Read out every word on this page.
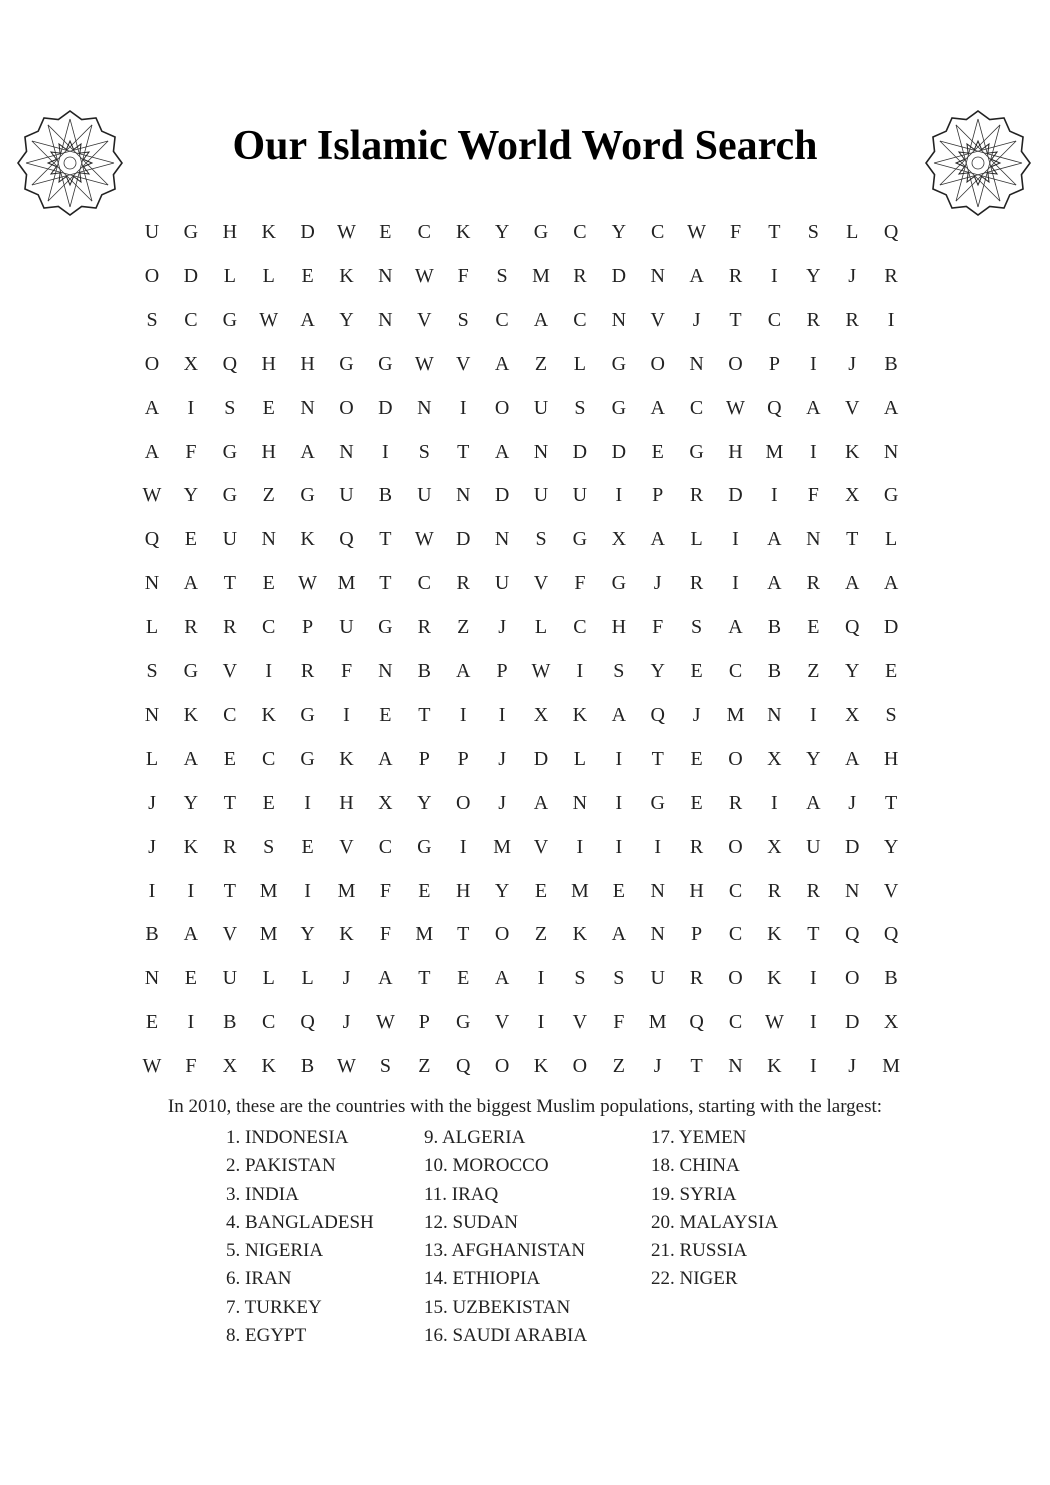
Our Islamic World Word Search
U	G	H	K	D	W	E	C	K	Y	G	C	Y	C	W	F	T	S	L	Q
O	D	L	L	E	K	N	W	F	S	M	R	D	N	A	R	I	Y	J	R
S	C	G	W	A	Y	N	V	S	C	A	C	N	V	J	T	C	R	R	I
O	X	Q	H	H	G	G	W	V	A	Z	L	G	O	N	O	P	I	J	B
A	I	S	E	N	O	D	N	I	O	U	S	G	A	C	W	Q	A	V	A
A	F	G	H	A	N	I	S	T	A	N	D	D	E	G	H	M	I	K	N
W	Y	G	Z	G	U	B	U	N	D	U	U	I	P	R	D	I	F	X	G
Q	E	U	N	K	Q	T	W	D	N	S	G	X	A	L	I	A	N	T	L
N	A	T	E	W	M	T	C	R	U	V	F	G	J	R	I	A	R	A	A
L	R	R	C	P	U	G	R	Z	J	L	C	H	F	S	A	B	E	Q	D
S	G	V	I	R	F	N	B	A	P	W	I	S	Y	E	C	B	Z	Y	E
N	K	C	K	G	I	E	T	I	I	X	K	A	Q	J	M	N	I	X	S
L	A	E	C	G	K	A	P	P	J	D	L	I	T	E	O	X	Y	A	H
J	Y	T	E	I	H	X	Y	O	J	A	N	I	G	E	R	I	A	J	T
J	K	R	S	E	V	C	G	I	M	V	I	I	I	R	O	X	U	D	Y
I	I	T	M	I	M	F	E	H	Y	E	M	E	N	H	C	R	R	N	V
B	A	V	M	Y	K	F	M	T	O	Z	K	A	N	P	C	K	T	Q	Q
N	E	U	L	L	J	A	T	E	A	I	S	S	U	R	O	K	I	O	B
E	I	B	C	Q	J	W	P	G	V	I	V	F	M	Q	C	W	I	D	X
W	F	X	K	B	W	S	Z	Q	O	K	O	Z	J	T	N	K	I	J	M
In 2010, these are the countries with the biggest Muslim populations, starting with the largest:
1. INDONESIA
2. PAKISTAN
3. INDIA
4. BANGLADESH
5. NIGERIA
6. IRAN
7. TURKEY
8. EGYPT
9. ALGERIA
10. MOROCCO
11. IRAQ
12. SUDAN
13. AFGHANISTAN
14. ETHIOPIA
15. UZBEKISTAN
16. SAUDI ARABIA
17. YEMEN
18. CHINA
19. SYRIA
20. MALAYSIA
21. RUSSIA
22. NIGER
